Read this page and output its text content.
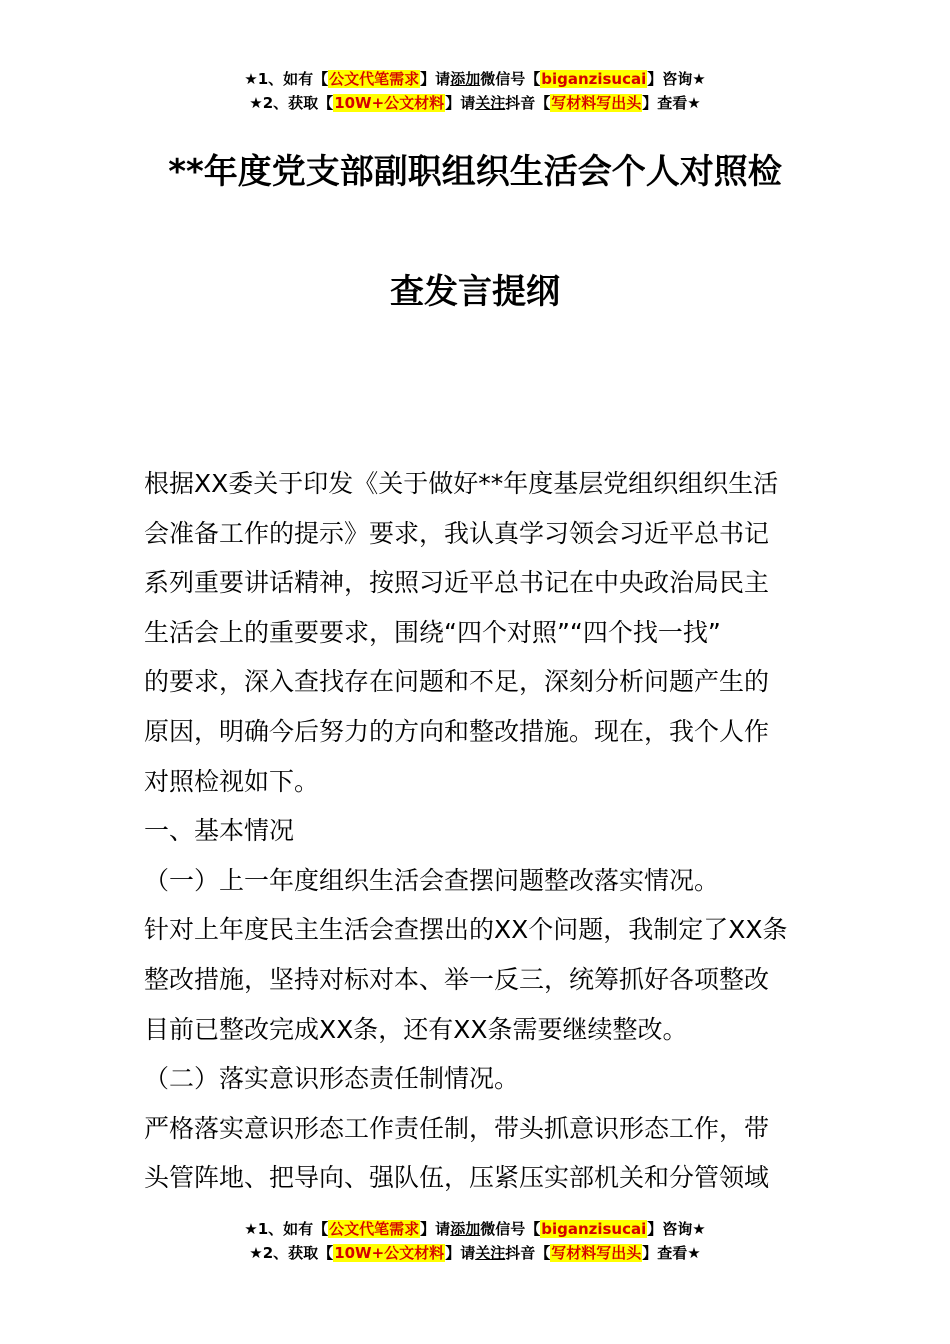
★1、如有【公文代笔需求】请添加微信号【biganzisucai】咨询★
★2、获取【10W+公文材料】请关注抖音【写材料写出头】查看★
**年度党支部副职组织生活会个人对照检
查发言提纲
根据XX委关于印发《关于做好**年度基层党组织组织生活
会准备工作的提示》要求，我认真学习领会习近平总书记
系列重要讲话精神，按照习近平总书记在中央政治局民主
生活会上的重要要求，围绕“四个对照”“四个找一找”
的要求，深入查找存在问题和不足，深刻分析问题产生的
原因，明确今后努力的方向和整改措施。现在，我个人作
对照检视如下。
一、基本情况
（一）上一年度组织生活会查摆问题整改落实情况。
针对上年度民主生活会查摆出的XX个问题，我制定了XX条
整改措施，坚持对标对本、举一反三，统筹抓好各项整改
目前已整改完成XX条，还有XX条需要继续整改。
（二）落实意识形态责任制情况。
严格落实意识形态工作责任制，带头抓意识形态工作，带
头管阵地、把导向、强队伍，压紧压实部机关和分管领域
★1、如有【公文代笔需求】请添加微信号【biganzisucai】咨询★
★2、获取【10W+公文材料】请关注抖音【写材料写出头】查看★
